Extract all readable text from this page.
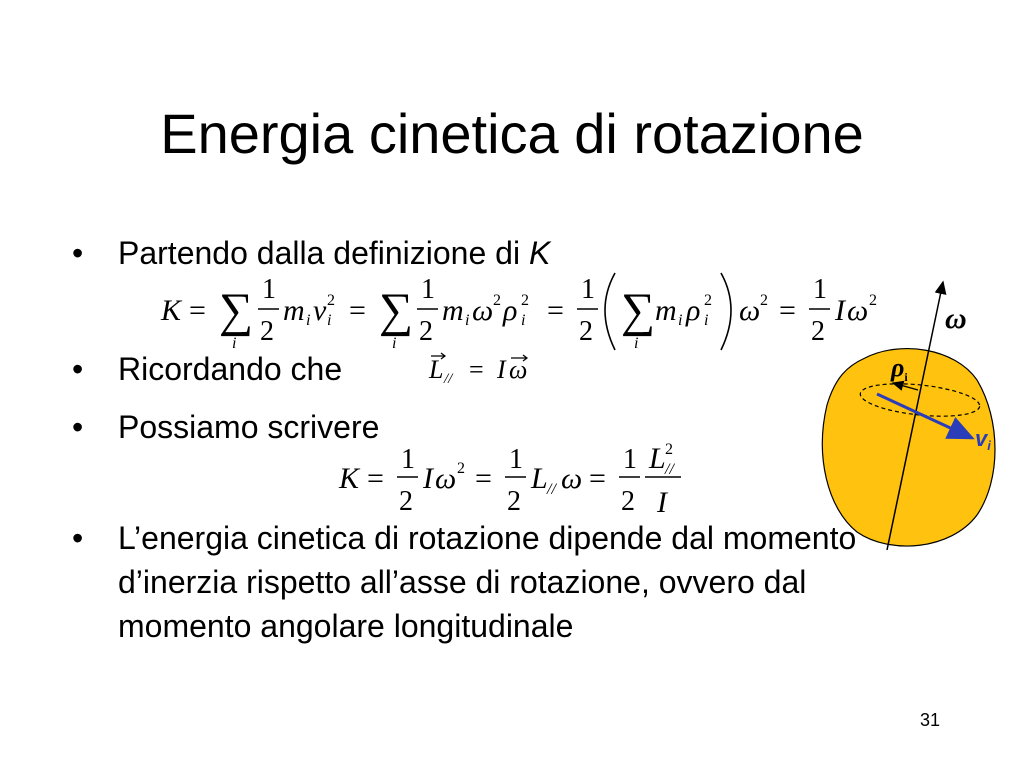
Energia cinetica di rotazione
•	Partendo dalla definizione di K
K = ∑
i
1
2
m i v 2
i = ∑
i
1
2
m i ω 2 ρ 2
i =
1
2 ∑
i
m i ρ 2
i ω 2 =
1
2
I ω 2
•	Ricordando che	L // = I ω
•	Possiamo scrivere
K =
1
2
I ω 2 =
1
2
L // ω =
1
2
L 2
//
I
•	L’energia cinetica di rotazione dipende dal momento d’inerzia rispetto all’asse di rotazione, ovvero dal momento angolare longitudinale
ω
$\rho_i$
$v_i$
31
